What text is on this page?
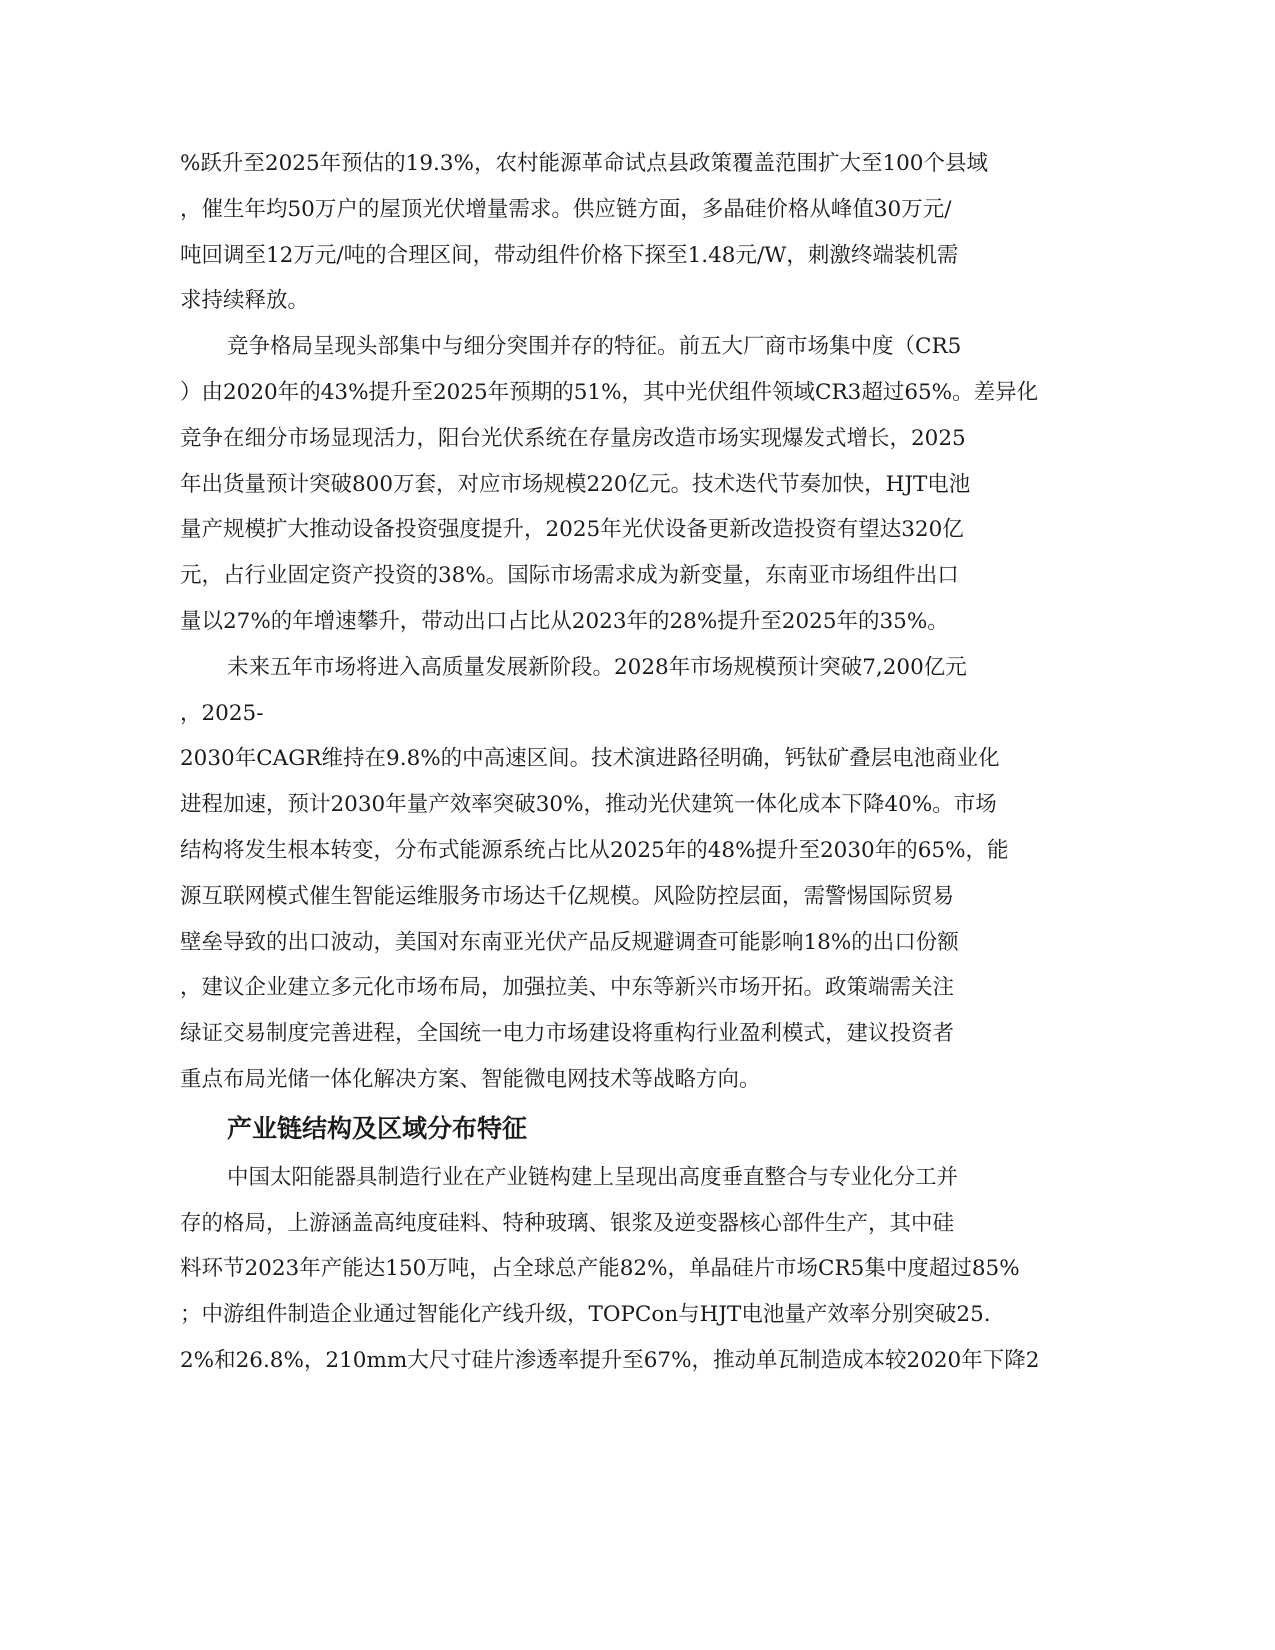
%跃升至2025年预估的19.3%，农村能源革命试点县政策覆盖范围扩大至100个县域
，催生年均50万户的屋顶光伏增量需求。供应链方面，多晶硅价格从峰值30万元/
吨回调至12万元/吨的合理区间，带动组件价格下探至1.48元/W，刺激终端装机需
求持续释放。
竞争格局呈现头部集中与细分突围并存的特征。前五大厂商市场集中度（CR5
）由2020年的43%提升至2025年预期的51%，其中光伏组件领域CR3超过65%。差异化
竞争在细分市场显现活力，阳台光伏系统在存量房改造市场实现爆发式增长，2025
年出货量预计突破800万套，对应市场规模220亿元。技术迭代节奏加快，HJT电池
量产规模扩大推动设备投资强度提升，2025年光伏设备更新改造投资有望达320亿
元，占行业固定资产投资的38%。国际市场需求成为新变量，东南亚市场组件出口
量以27%的年增速攀升，带动出口占比从2023年的28%提升至2025年的35%。
未来五年市场将进入高质量发展新阶段。2028年市场规模预计突破7,200亿元
，2025-
2030年CAGR维持在9.8%的中高速区间。技术演进路径明确，钙钛矿叠层电池商业化
进程加速，预计2030年量产效率突破30%，推动光伏建筑一体化成本下降40%。市场
结构将发生根本转变，分布式能源系统占比从2025年的48%提升至2030年的65%，能
源互联网模式催生智能运维服务市场达千亿规模。风险防控层面，需警惕国际贸易
壁垒导致的出口波动，美国对东南亚光伏产品反规避调查可能影响18%的出口份额
，建议企业建立多元化市场布局，加强拉美、中东等新兴市场开拓。政策端需关注
绿证交易制度完善进程，全国统一电力市场建设将重构行业盈利模式，建议投资者
重点布局光储一体化解决方案、智能微电网技术等战略方向。
产业链结构及区域分布特征
中国太阳能器具制造行业在产业链构建上呈现出高度垂直整合与专业化分工并
存的格局，上游涵盖高纯度硅料、特种玻璃、银浆及逆变器核心部件生产，其中硅
料环节2023年产能达150万吨，占全球总产能82%，单晶硅片市场CR5集中度超过85%
；中游组件制造企业通过智能化产线升级，TOPCon与HJT电池量产效率分别突破25.
2%和26.8%，210mm大尺寸硅片渗透率提升至67%，推动单瓦制造成本较2020年下降2
